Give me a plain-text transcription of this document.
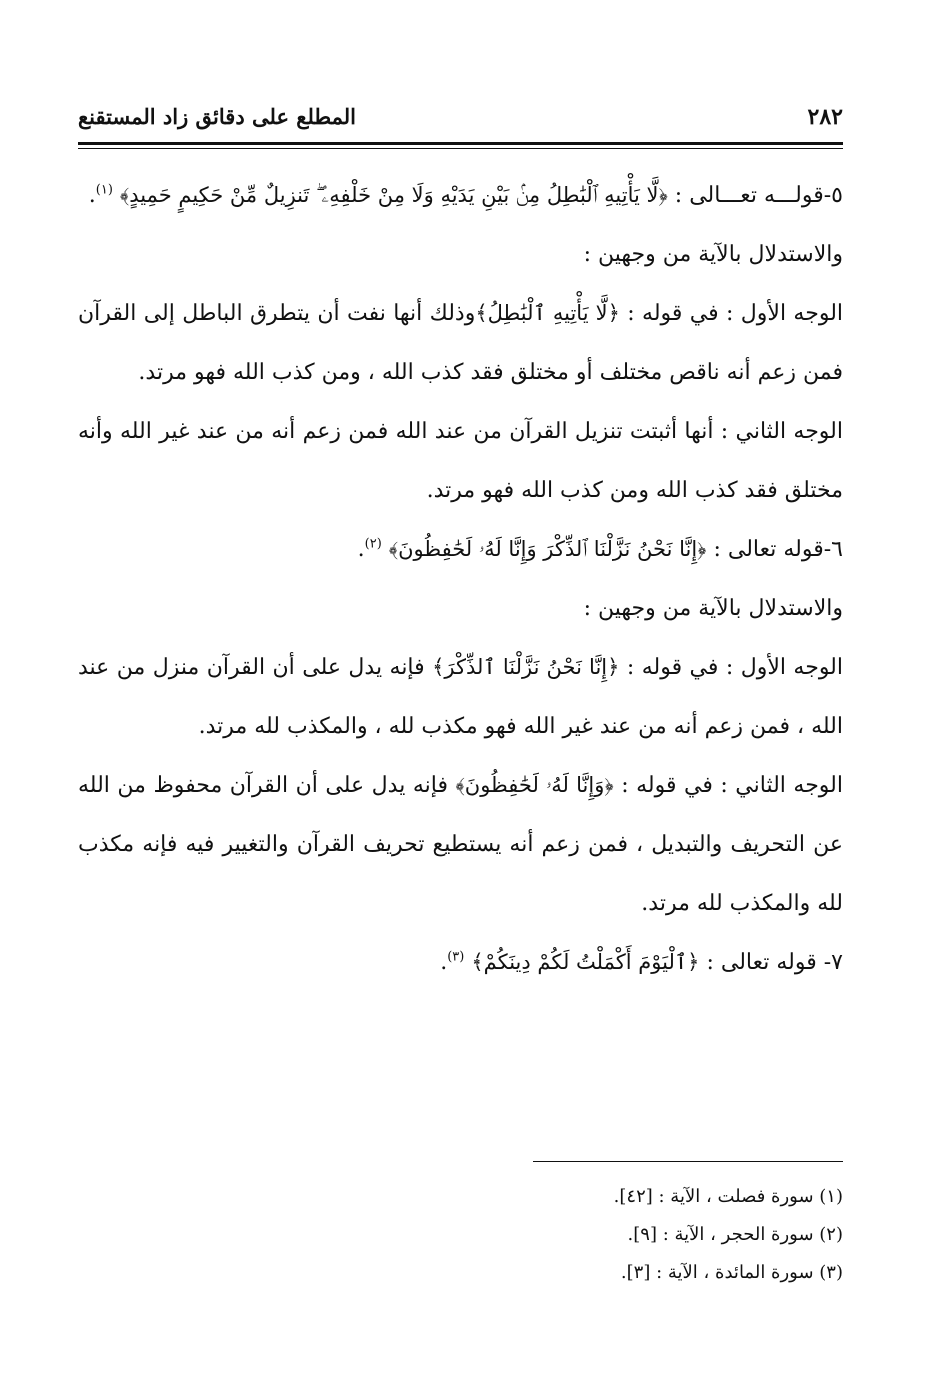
٢٨٢
المطلع على دقائق زاد المستقنع

٥-قولـــه تعـــالى : ﴿لَّا يَأْتِيهِ ٱلْبَٰطِلُ مِنۢ بَيْنِ يَدَيْهِ وَلَا مِنْ خَلْفِهِۦ ۖ تَنزِيلٌ مِّنْ حَكِيمٍ حَمِيدٍ﴾ $^{(١)}$.

والاستدلال بالآية من وجهين :

الوجه الأول : في قوله : ﴿لَّا يَأْتِيهِ ٱلْبَٰطِلُ﴾وذلك أنها نفت أن يتطرق الباطل إلى القرآن فمن زعم أنه ناقص مختلف أو مختلق فقد كذب الله ، ومن كذب الله فهو مرتد.

الوجه الثاني : أنها أثبتت تنزيل القرآن من عند الله فمن زعم أنه من عند غير الله وأنه مختلق فقد كذب الله ومن كذب الله فهو مرتد.

٦-قوله تعالى : ﴿إِنَّا نَحْنُ نَزَّلْنَا ٱلذِّكْرَ وَإِنَّا لَهُۥ لَحَٰفِظُونَ﴾ $^{(٢)}$.

والاستدلال بالآية من وجهين :

الوجه الأول : في قوله : ﴿إِنَّا نَحْنُ نَزَّلْنَا ٱلذِّكْرَ﴾ فإنه يدل على أن القرآن منزل من عند الله ، فمن زعم أنه من عند غير الله فهو مكذب لله ، والمكذب لله مرتد.

الوجه الثاني : في قوله : ﴿وَإِنَّا لَهُۥ لَحَٰفِظُونَ﴾ فإنه يدل على أن القرآن محفوظ من الله عن التحريف والتبديل ، فمن زعم أنه يستطيع تحريف القرآن والتغيير فيه فإنه مكذب لله والمكذب لله مرتد.

٧- قوله تعالى : ﴿ٱلْيَوْمَ أَكْمَلْتُ لَكُمْ دِينَكُمْ﴾ $^{(٣)}$.

(١) سورة فصلت ، الآية : [٤٢].

(٢) سورة الحجر ، الآية : [٩].

(٣) سورة المائدة ، الآية : [٣].
